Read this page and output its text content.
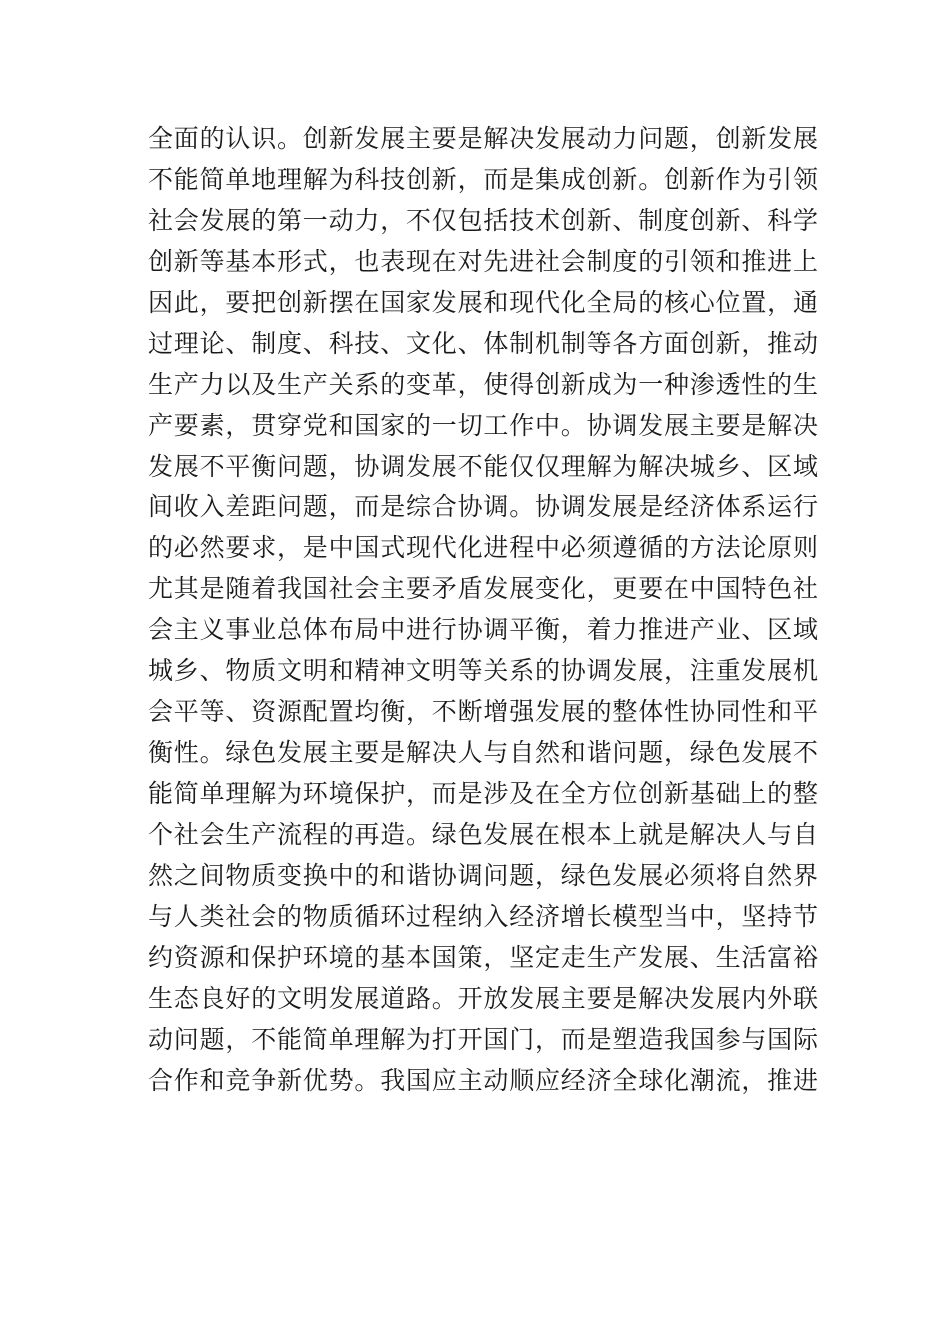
全面的认识。创新发展主要是解决发展动力问题，创新发展
不能简单地理解为科技创新，而是集成创新。创新作为引领
社会发展的第一动力，不仅包括技术创新、制度创新、科学
创新等基本形式，也表现在对先进社会制度的引领和推进上
因此，要把创新摆在国家发展和现代化全局的核心位置，通
过理论、制度、科技、文化、体制机制等各方面创新，推动
生产力以及生产关系的变革，使得创新成为一种渗透性的生
产要素，贯穿党和国家的一切工作中。协调发展主要是解决
发展不平衡问题，协调发展不能仅仅理解为解决城乡、区域
间收入差距问题，而是综合协调。协调发展是经济体系运行
的必然要求，是中国式现代化进程中必须遵循的方法论原则
尤其是随着我国社会主要矛盾发展变化，更要在中国特色社
会主义事业总体布局中进行协调平衡，着力推进产业、区域
城乡、物质文明和精神文明等关系的协调发展，注重发展机
会平等、资源配置均衡，不断增强发展的整体性协同性和平
衡性。绿色发展主要是解决人与自然和谐问题，绿色发展不
能简单理解为环境保护，而是涉及在全方位创新基础上的整
个社会生产流程的再造。绿色发展在根本上就是解决人与自
然之间物质变换中的和谐协调问题，绿色发展必须将自然界
与人类社会的物质循环过程纳入经济增长模型当中，坚持节
约资源和保护环境的基本国策，坚定走生产发展、生活富裕
生态良好的文明发展道路。开放发展主要是解决发展内外联
动问题，不能简单理解为打开国门，而是塑造我国参与国际
合作和竞争新优势。我国应主动顺应经济全球化潮流，推进
